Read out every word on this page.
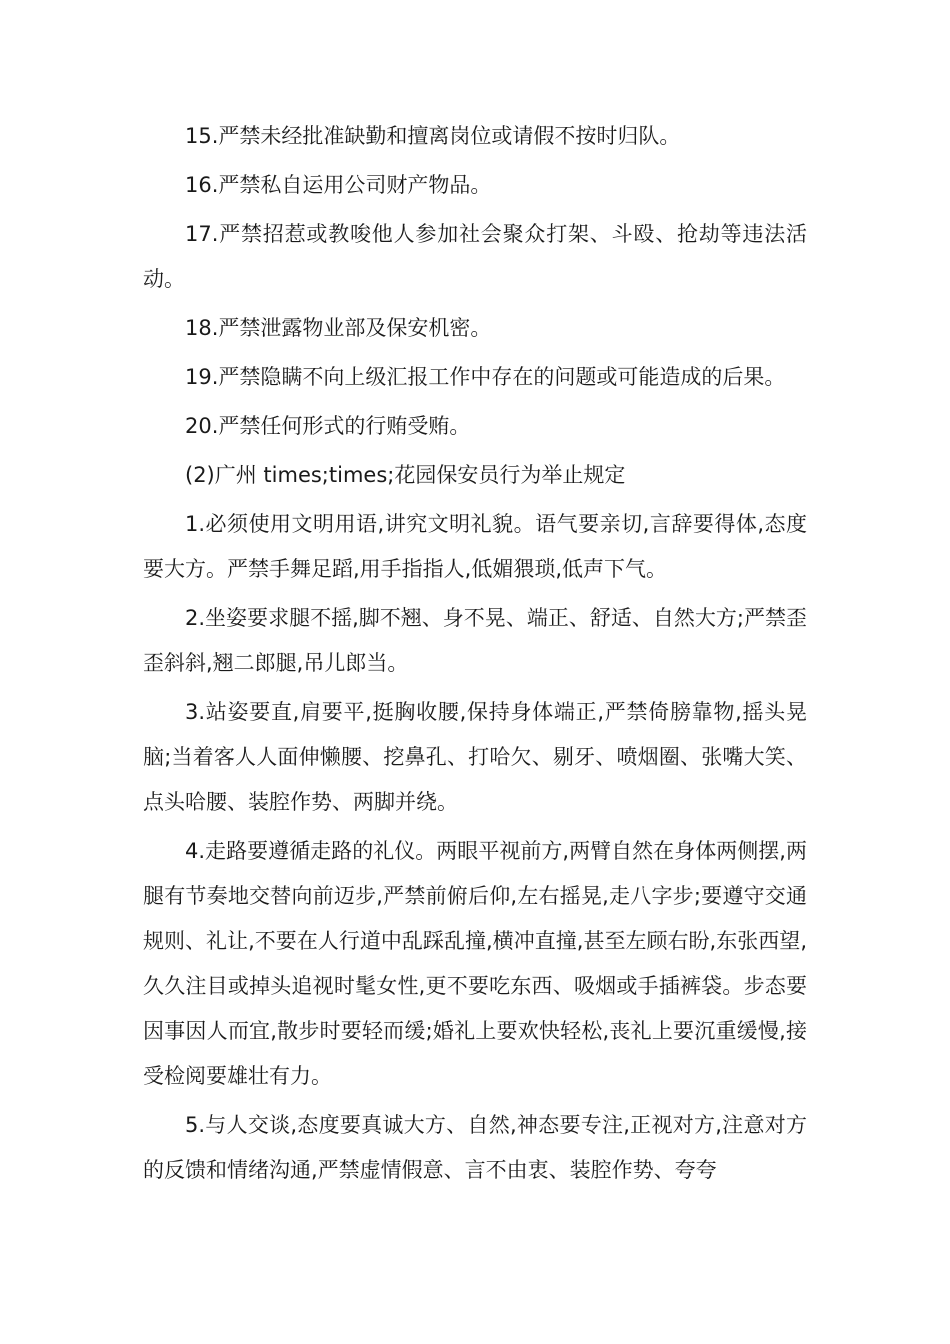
15.严禁未经批准缺勤和擅离岗位或请假不按时归队。

16.严禁私自运用公司财产物品。

17.严禁招惹或教唆他人参加社会聚众打架、斗殴、抢劫等违法活动。

18.严禁泄露物业部及保安机密。

19.严禁隐瞒不向上级汇报工作中存在的问题或可能造成的后果。

20.严禁任何形式的行贿受贿。

(2)广州 times;times;花园保安员行为举止规定

1.必须使用文明用语,讲究文明礼貌。语气要亲切,言辞要得体,态度要大方。严禁手舞足蹈,用手指指人,低媚猥琐,低声下气。

2.坐姿要求腿不摇,脚不翘、身不晃、端正、舒适、自然大方;严禁歪歪斜斜,翘二郎腿,吊儿郎当。

3.站姿要直,肩要平,挺胸收腰,保持身体端正,严禁倚膀靠物,摇头晃脑;当着客人人面伸懒腰、挖鼻孔、打哈欠、剔牙、喷烟圈、张嘴大笑、点头哈腰、装腔作势、两脚并绕。

4.走路要遵循走路的礼仪。两眼平视前方,两臂自然在身体两侧摆,两腿有节奏地交替向前迈步,严禁前俯后仰,左右摇晃,走八字步;要遵守交通规则、礼让,不要在人行道中乱踩乱撞,横冲直撞,甚至左顾右盼,东张西望,久久注目或掉头追视时髦女性,更不要吃东西、吸烟或手插裤袋。步态要因事因人而宜,散步时要轻而缓;婚礼上要欢快轻松,丧礼上要沉重缓慢,接受检阅要雄壮有力。

5.与人交谈,态度要真诚大方、自然,神态要专注,正视对方,注意对方的反馈和情绪沟通,严禁虚情假意、言不由衷、装腔作势、夸夸
